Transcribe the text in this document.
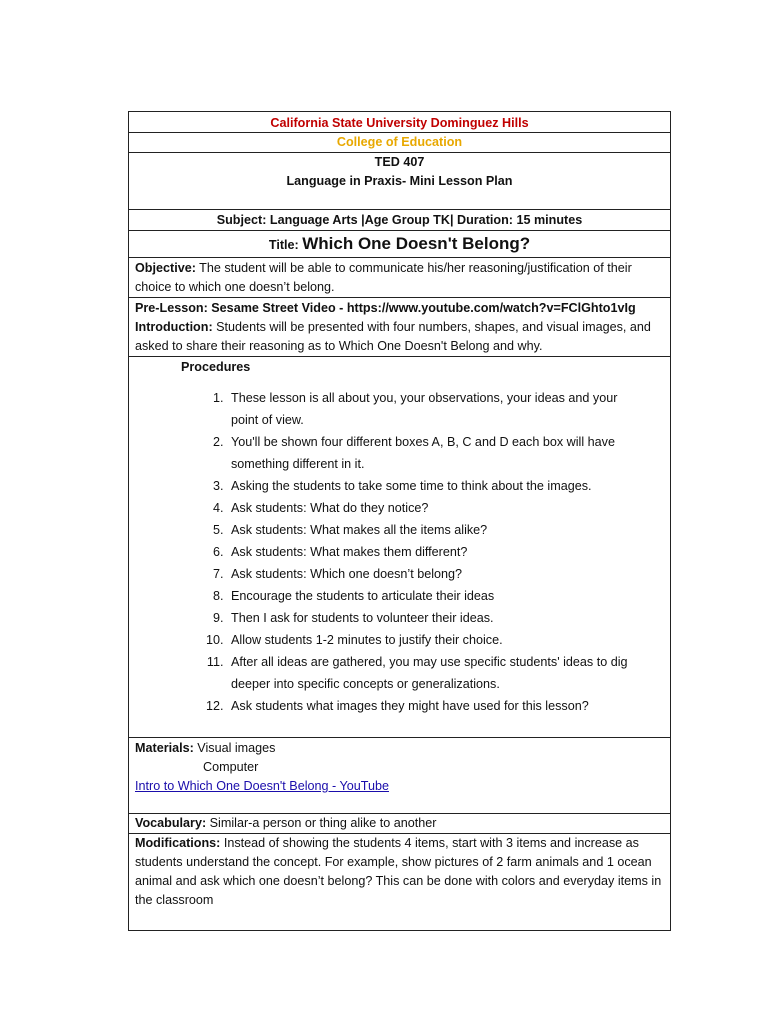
California State University Dominguez Hills
College of Education
TED 407
Language in Praxis- Mini Lesson Plan
Subject: Language Arts |Age Group TK| Duration: 15 minutes
Title: Which One Doesn't Belong?
Objective: The student will be able to communicate his/her reasoning/justification of their choice to which one doesn’t belong.
Pre-Lesson: Sesame Street Video - https://www.youtube.com/watch?v=FClGhto1vIg
Introduction: Students will be presented with four numbers, shapes, and visual images, and asked to share their reasoning as to Which One Doesn't Belong and why.
Procedures
1. These lesson is all about you, your observations, your ideas and your point of view.
2. You'll be shown four different boxes A, B, C and D each box will have something different in it.
3. Asking the students to take some time to think about the images.
4. Ask students: What do they notice?
5. Ask students: What makes all the items alike?
6. Ask students: What makes them different?
7. Ask students: Which one doesn’t belong?
8. Encourage the students to articulate their ideas
9. Then I ask for students to volunteer their ideas.
10. Allow students 1-2 minutes to justify their choice.
11. After all ideas are gathered, you may use specific students' ideas to dig deeper into specific concepts or generalizations.
12. Ask students what images they might have used for this lesson?
Materials: Visual images
Computer
Intro to Which One Doesn't Belong - YouTube
Vocabulary: Similar-a person or thing alike to another
Modifications: Instead of showing the students 4 items, start with 3 items and increase as students understand the concept. For example, show pictures of 2 farm animals and 1 ocean animal and ask which one doesn’t belong? This can be done with colors and everyday items in the classroom
